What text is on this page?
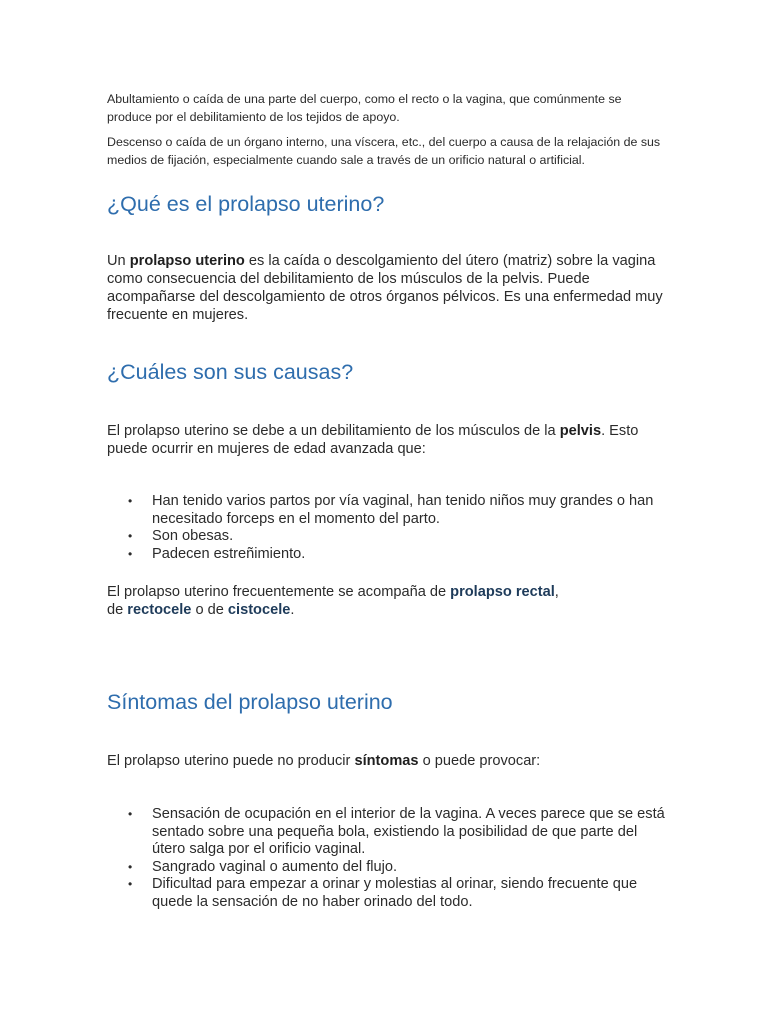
Abultamiento o caída de una parte del cuerpo, como el recto o la vagina, que comúnmente se produce por el debilitamiento de los tejidos de apoyo.

Descenso o caída de un órgano interno, una víscera, etc., del cuerpo a causa de la relajación de sus medios de fijación, especialmente cuando sale a través de un orificio natural o artificial.

¿Qué es el prolapso uterino?

Un prolapso uterino es la caída o descolgamiento del útero (matriz) sobre la vagina como consecuencia del debilitamiento de los músculos de la pelvis. Puede acompañarse del descolgamiento de otros órganos pélvicos. Es una enfermedad muy frecuente en mujeres.

¿Cuáles son sus causas?

El prolapso uterino se debe a un debilitamiento de los músculos de la pelvis. Esto puede ocurrir en mujeres de edad avanzada que:

• Han tenido varios partos por vía vaginal, han tenido niños muy grandes o han necesitado forceps en el momento del parto.
• Son obesas.
• Padecen estreñimiento.

El prolapso uterino frecuentemente se acompaña de prolapso rectal,
de rectocele o de cistocele.

Síntomas del prolapso uterino

El prolapso uterino puede no producir síntomas o puede provocar:

• Sensación de ocupación en el interior de la vagina. A veces parece que se está sentado sobre una pequeña bola, existiendo la posibilidad de que parte del útero salga por el orificio vaginal.
• Sangrado vaginal o aumento del flujo.
• Dificultad para empezar a orinar y molestias al orinar, siendo frecuente que quede la sensación de no haber orinado del todo.
